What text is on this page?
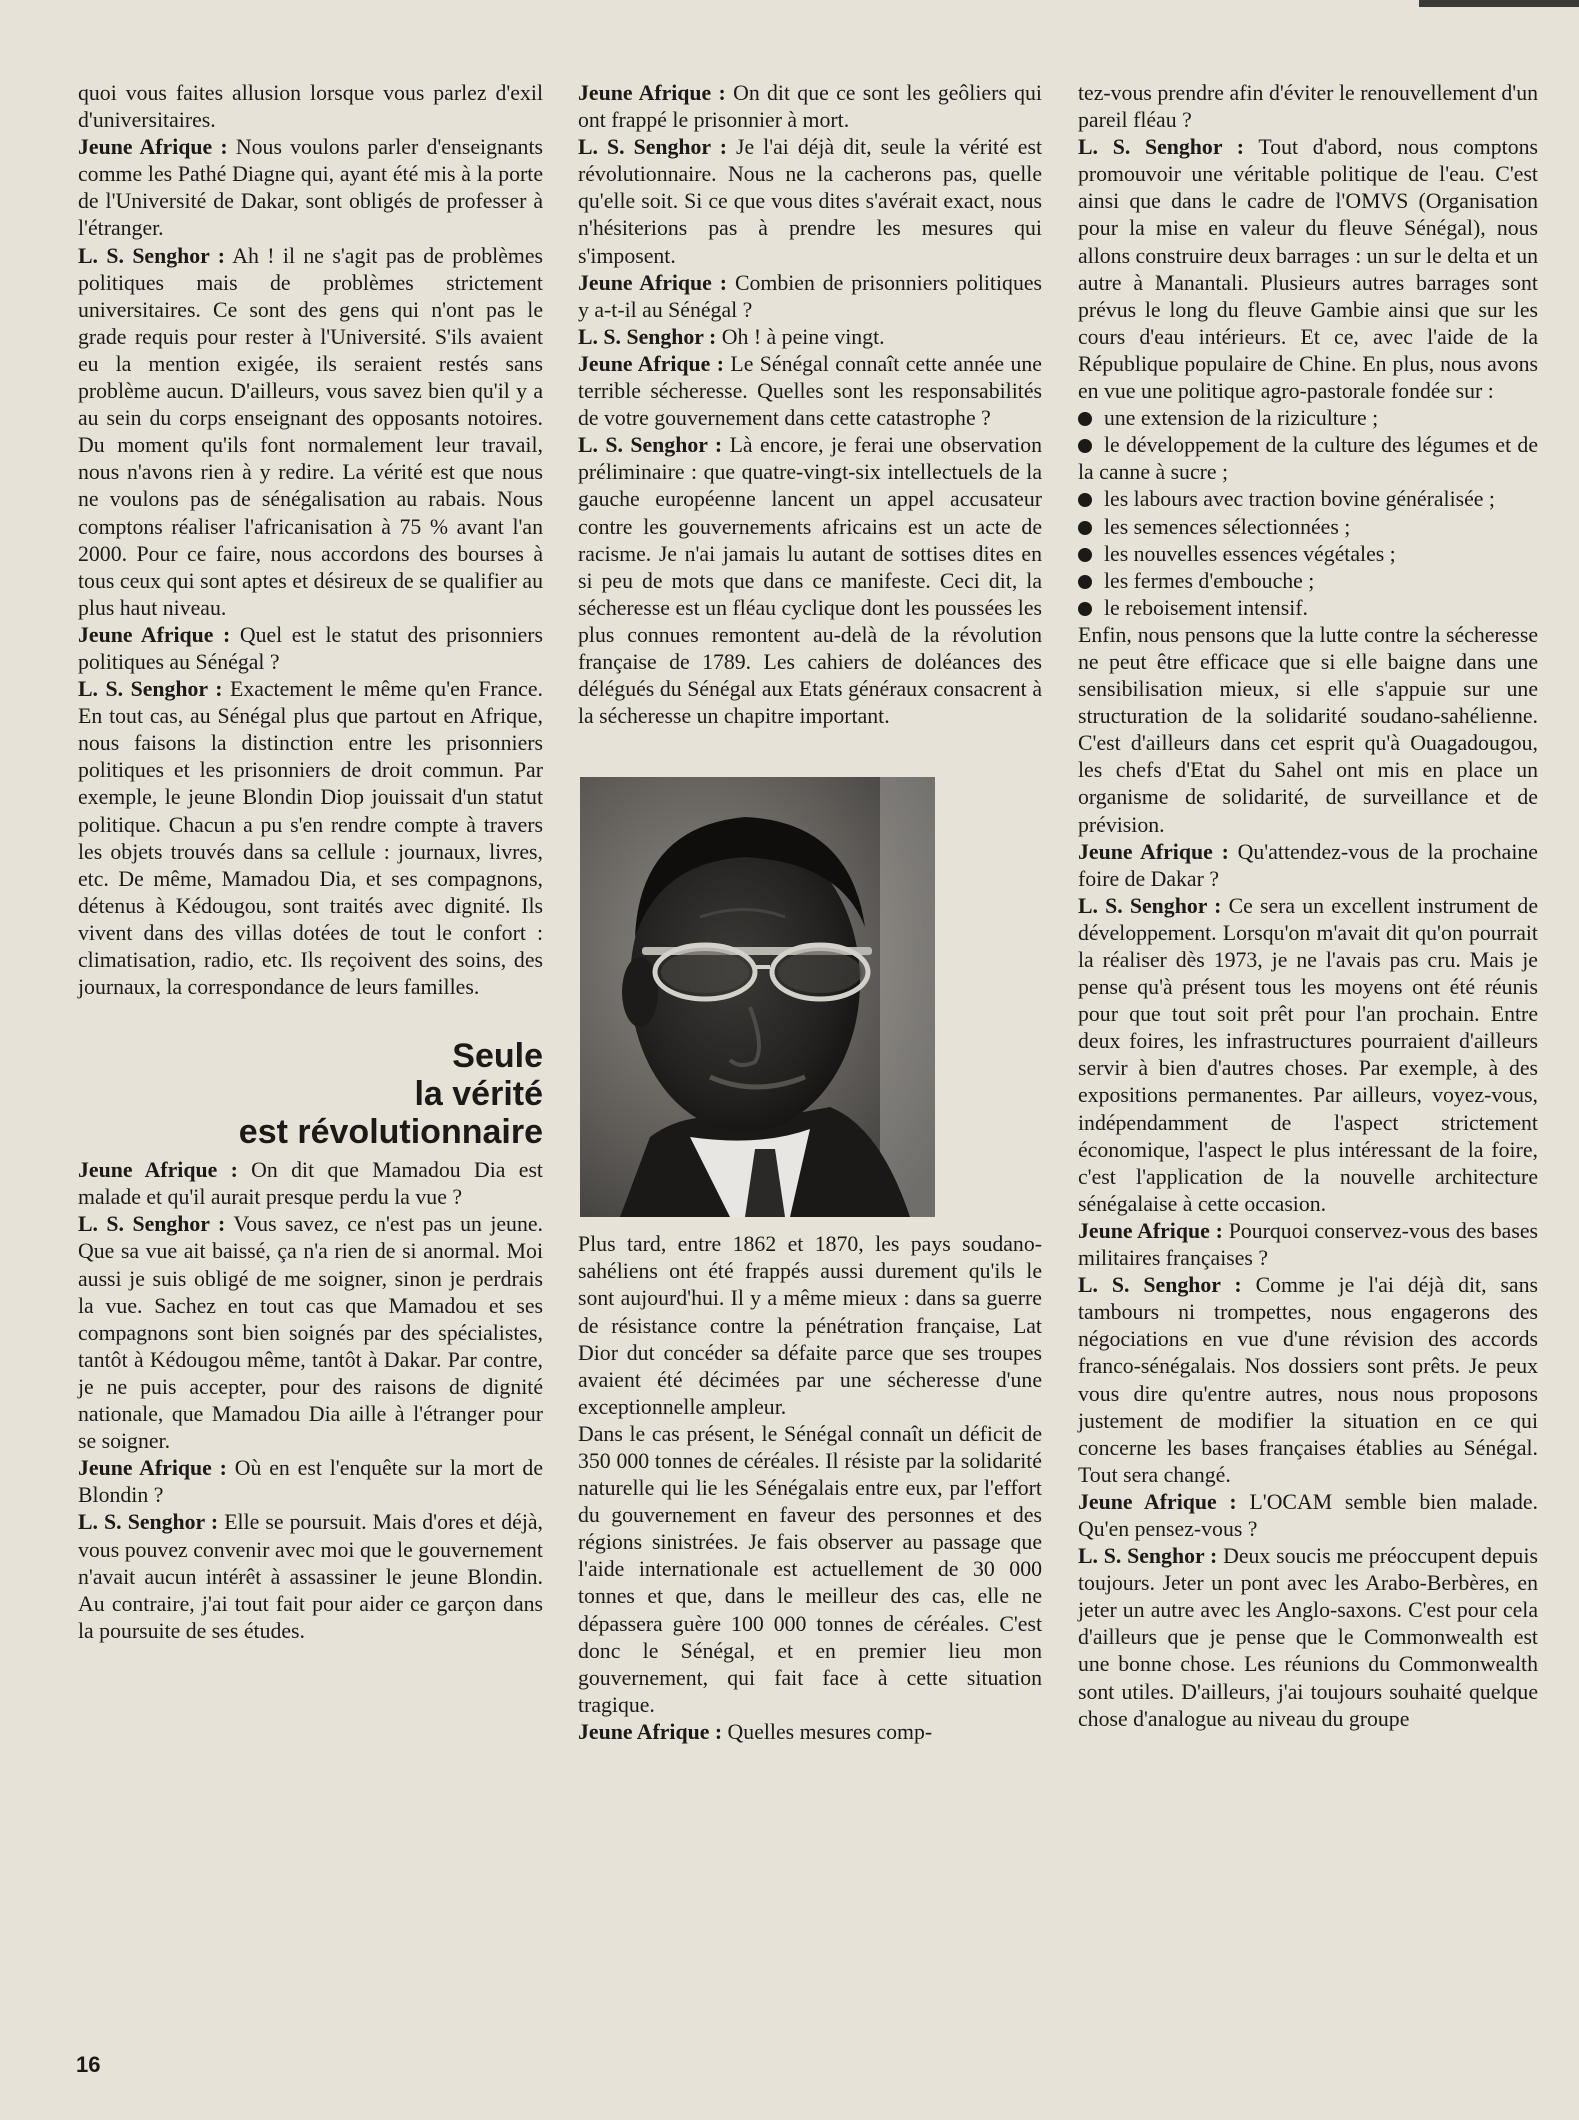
quoi vous faites allusion lorsque vous parlez d'exil d'universitaires.

Jeune Afrique : Nous voulons parler d'enseignants comme les Pathé Diagne qui, ayant été mis à la porte de l'Université de Dakar, sont obligés de professer à l'étranger.

L. S. Senghor : Ah ! il ne s'agit pas de problèmes politiques mais de problèmes strictement universitaires. Ce sont des gens qui n'ont pas le grade requis pour rester à l'Université. S'ils avaient eu la mention exigée, ils seraient restés sans problème aucun. D'ailleurs, vous savez bien qu'il y a au sein du corps enseignant des opposants notoires. Du moment qu'ils font normalement leur travail, nous n'avons rien à y redire. La vérité est que nous ne voulons pas de sénégalisation au rabais. Nous comptons réaliser l'africanisation à 75 % avant l'an 2000. Pour ce faire, nous accordons des bourses à tous ceux qui sont aptes et désireux de se qualifier au plus haut niveau.

Jeune Afrique : Quel est le statut des prisonniers politiques au Sénégal ?

L. S. Senghor : Exactement le même qu'en France. En tout cas, au Sénégal plus que partout en Afrique, nous faisons la distinction entre les prisonniers politiques et les prisonniers de droit commun. Par exemple, le jeune Blondin Diop jouissait d'un statut politique. Chacun a pu s'en rendre compte à travers les objets trouvés dans sa cellule : journaux, livres, etc. De même, Mamadou Dia, et ses compagnons, détenus à Kédougou, sont traités avec dignité. Ils vivent dans des villas dotées de tout le confort : climatisation, radio, etc. Ils reçoivent des soins, des journaux, la correspondance de leurs familles.

Seule
la vérité
est révolutionnaire

Jeune Afrique : On dit que Mamadou Dia est malade et qu'il aurait presque perdu la vue ?

L. S. Senghor : Vous savez, ce n'est pas un jeune. Que sa vue ait baissé, ça n'a rien de si anormal. Moi aussi je suis obligé de me soigner, sinon je perdrais la vue. Sachez en tout cas que Mamadou et ses compagnons sont bien soignés par des spécialistes, tantôt à Kédougou même, tantôt à Dakar. Par contre, je ne puis accepter, pour des raisons de dignité nationale, que Mamadou Dia aille à l'étranger pour se soigner.

Jeune Afrique : Où en est l'enquête sur la mort de Blondin ?

L. S. Senghor : Elle se poursuit. Mais d'ores et déjà, vous pouvez convenir avec moi que le gouvernement n'avait aucun intérêt à assassiner le jeune Blondin. Au contraire, j'ai tout fait pour aider ce garçon dans la poursuite de ses études.

Jeune Afrique : On dit que ce sont les geôliers qui ont frappé le prisonnier à mort.

L. S. Senghor : Je l'ai déjà dit, seule la vérité est révolutionnaire. Nous ne la cacherons pas, quelle qu'elle soit. Si ce que vous dites s'avérait exact, nous n'hésiterions pas à prendre les mesures qui s'imposent.

Jeune Afrique : Combien de prisonniers politiques y a-t-il au Sénégal ?

L. S. Senghor : Oh ! à peine vingt.

Jeune Afrique : Le Sénégal connaît cette année une terrible sécheresse. Quelles sont les responsabilités de votre gouvernement dans cette catastrophe ?

L. S. Senghor : Là encore, je ferai une observation préliminaire : que quatre-vingt-six intellectuels de la gauche européenne lancent un appel accusateur contre les gouvernements africains est un acte de racisme. Je n'ai jamais lu autant de sottises dites en si peu de mots que dans ce manifeste. Ceci dit, la sécheresse est un fléau cyclique dont les poussées les plus connues remontent au-delà de la révolution française de 1789. Les cahiers de doléances des délégués du Sénégal aux Etats généraux consacrent à la sécheresse un chapitre important.

Plus tard, entre 1862 et 1870, les pays soudano-sahéliens ont été frappés aussi durement qu'ils le sont aujourd'hui. Il y a même mieux : dans sa guerre de résistance contre la pénétration française, Lat Dior dut concéder sa défaite parce que ses troupes avaient été décimées par une sécheresse d'une exceptionnelle ampleur.

Dans le cas présent, le Sénégal connaît un déficit de 350 000 tonnes de céréales. Il résiste par la solidarité naturelle qui lie les Sénégalais entre eux, par l'effort du gouvernement en faveur des personnes et des régions sinistrées. Je fais observer au passage que l'aide internationale est actuellement de 30 000 tonnes et que, dans le meilleur des cas, elle ne dépassera guère 100 000 tonnes de céréales. C'est donc le Sénégal, et en premier lieu mon gouvernement, qui fait face à cette situation tragique.

Jeune Afrique : Quelles mesures comp-

tez-vous prendre afin d'éviter le renouvellement d'un pareil fléau ?

L. S. Senghor : Tout d'abord, nous comptons promouvoir une véritable politique de l'eau. C'est ainsi que dans le cadre de l'OMVS (Organisation pour la mise en valeur du fleuve Sénégal), nous allons construire deux barrages : un sur le delta et un autre à Manantali. Plusieurs autres barrages sont prévus le long du fleuve Gambie ainsi que sur les cours d'eau intérieurs. Et ce, avec l'aide de la République populaire de Chine. En plus, nous avons en vue une politique agro-pastorale fondée sur :

une extension de la riziculture ;
le développement de la culture des légumes et de la canne à sucre ;
les labours avec traction bovine généralisée ;
les semences sélectionnées ;
les nouvelles essences végétales ;
les fermes d'embouche ;
le reboisement intensif.

Enfin, nous pensons que la lutte contre la sécheresse ne peut être efficace que si elle baigne dans une sensibilisation mieux, si elle s'appuie sur une structuration de la solidarité soudano-sahélienne. C'est d'ailleurs dans cet esprit qu'à Ouagadougou, les chefs d'Etat du Sahel ont mis en place un organisme de solidarité, de surveillance et de prévision.

Jeune Afrique : Qu'attendez-vous de la prochaine foire de Dakar ?

L. S. Senghor : Ce sera un excellent instrument de développement. Lorsqu'on m'avait dit qu'on pourrait la réaliser dès 1973, je ne l'avais pas cru. Mais je pense qu'à présent tous les moyens ont été réunis pour que tout soit prêt pour l'an prochain. Entre deux foires, les infrastructures pourraient d'ailleurs servir à bien d'autres choses. Par exemple, à des expositions permanentes. Par ailleurs, voyez-vous, indépendamment de l'aspect strictement économique, l'aspect le plus intéressant de la foire, c'est l'application de la nouvelle architecture sénégalaise à cette occasion.

Jeune Afrique : Pourquoi conservez-vous des bases militaires françaises ?

L. S. Senghor : Comme je l'ai déjà dit, sans tambours ni trompettes, nous engagerons des négociations en vue d'une révision des accords franco-sénégalais. Nos dossiers sont prêts. Je peux vous dire qu'entre autres, nous nous proposons justement de modifier la situation en ce qui concerne les bases françaises établies au Sénégal. Tout sera changé.

Jeune Afrique : L'OCAM semble bien malade. Qu'en pensez-vous ?

L. S. Senghor : Deux soucis me préoccupent depuis toujours. Jeter un pont avec les Arabo-Berbères, en jeter un autre avec les Anglo-saxons. C'est pour cela d'ailleurs que je pense que le Commonwealth est une bonne chose. Les réunions du Commonwealth sont utiles. D'ailleurs, j'ai toujours souhaité quelque chose d'analogue au niveau du groupe

16
